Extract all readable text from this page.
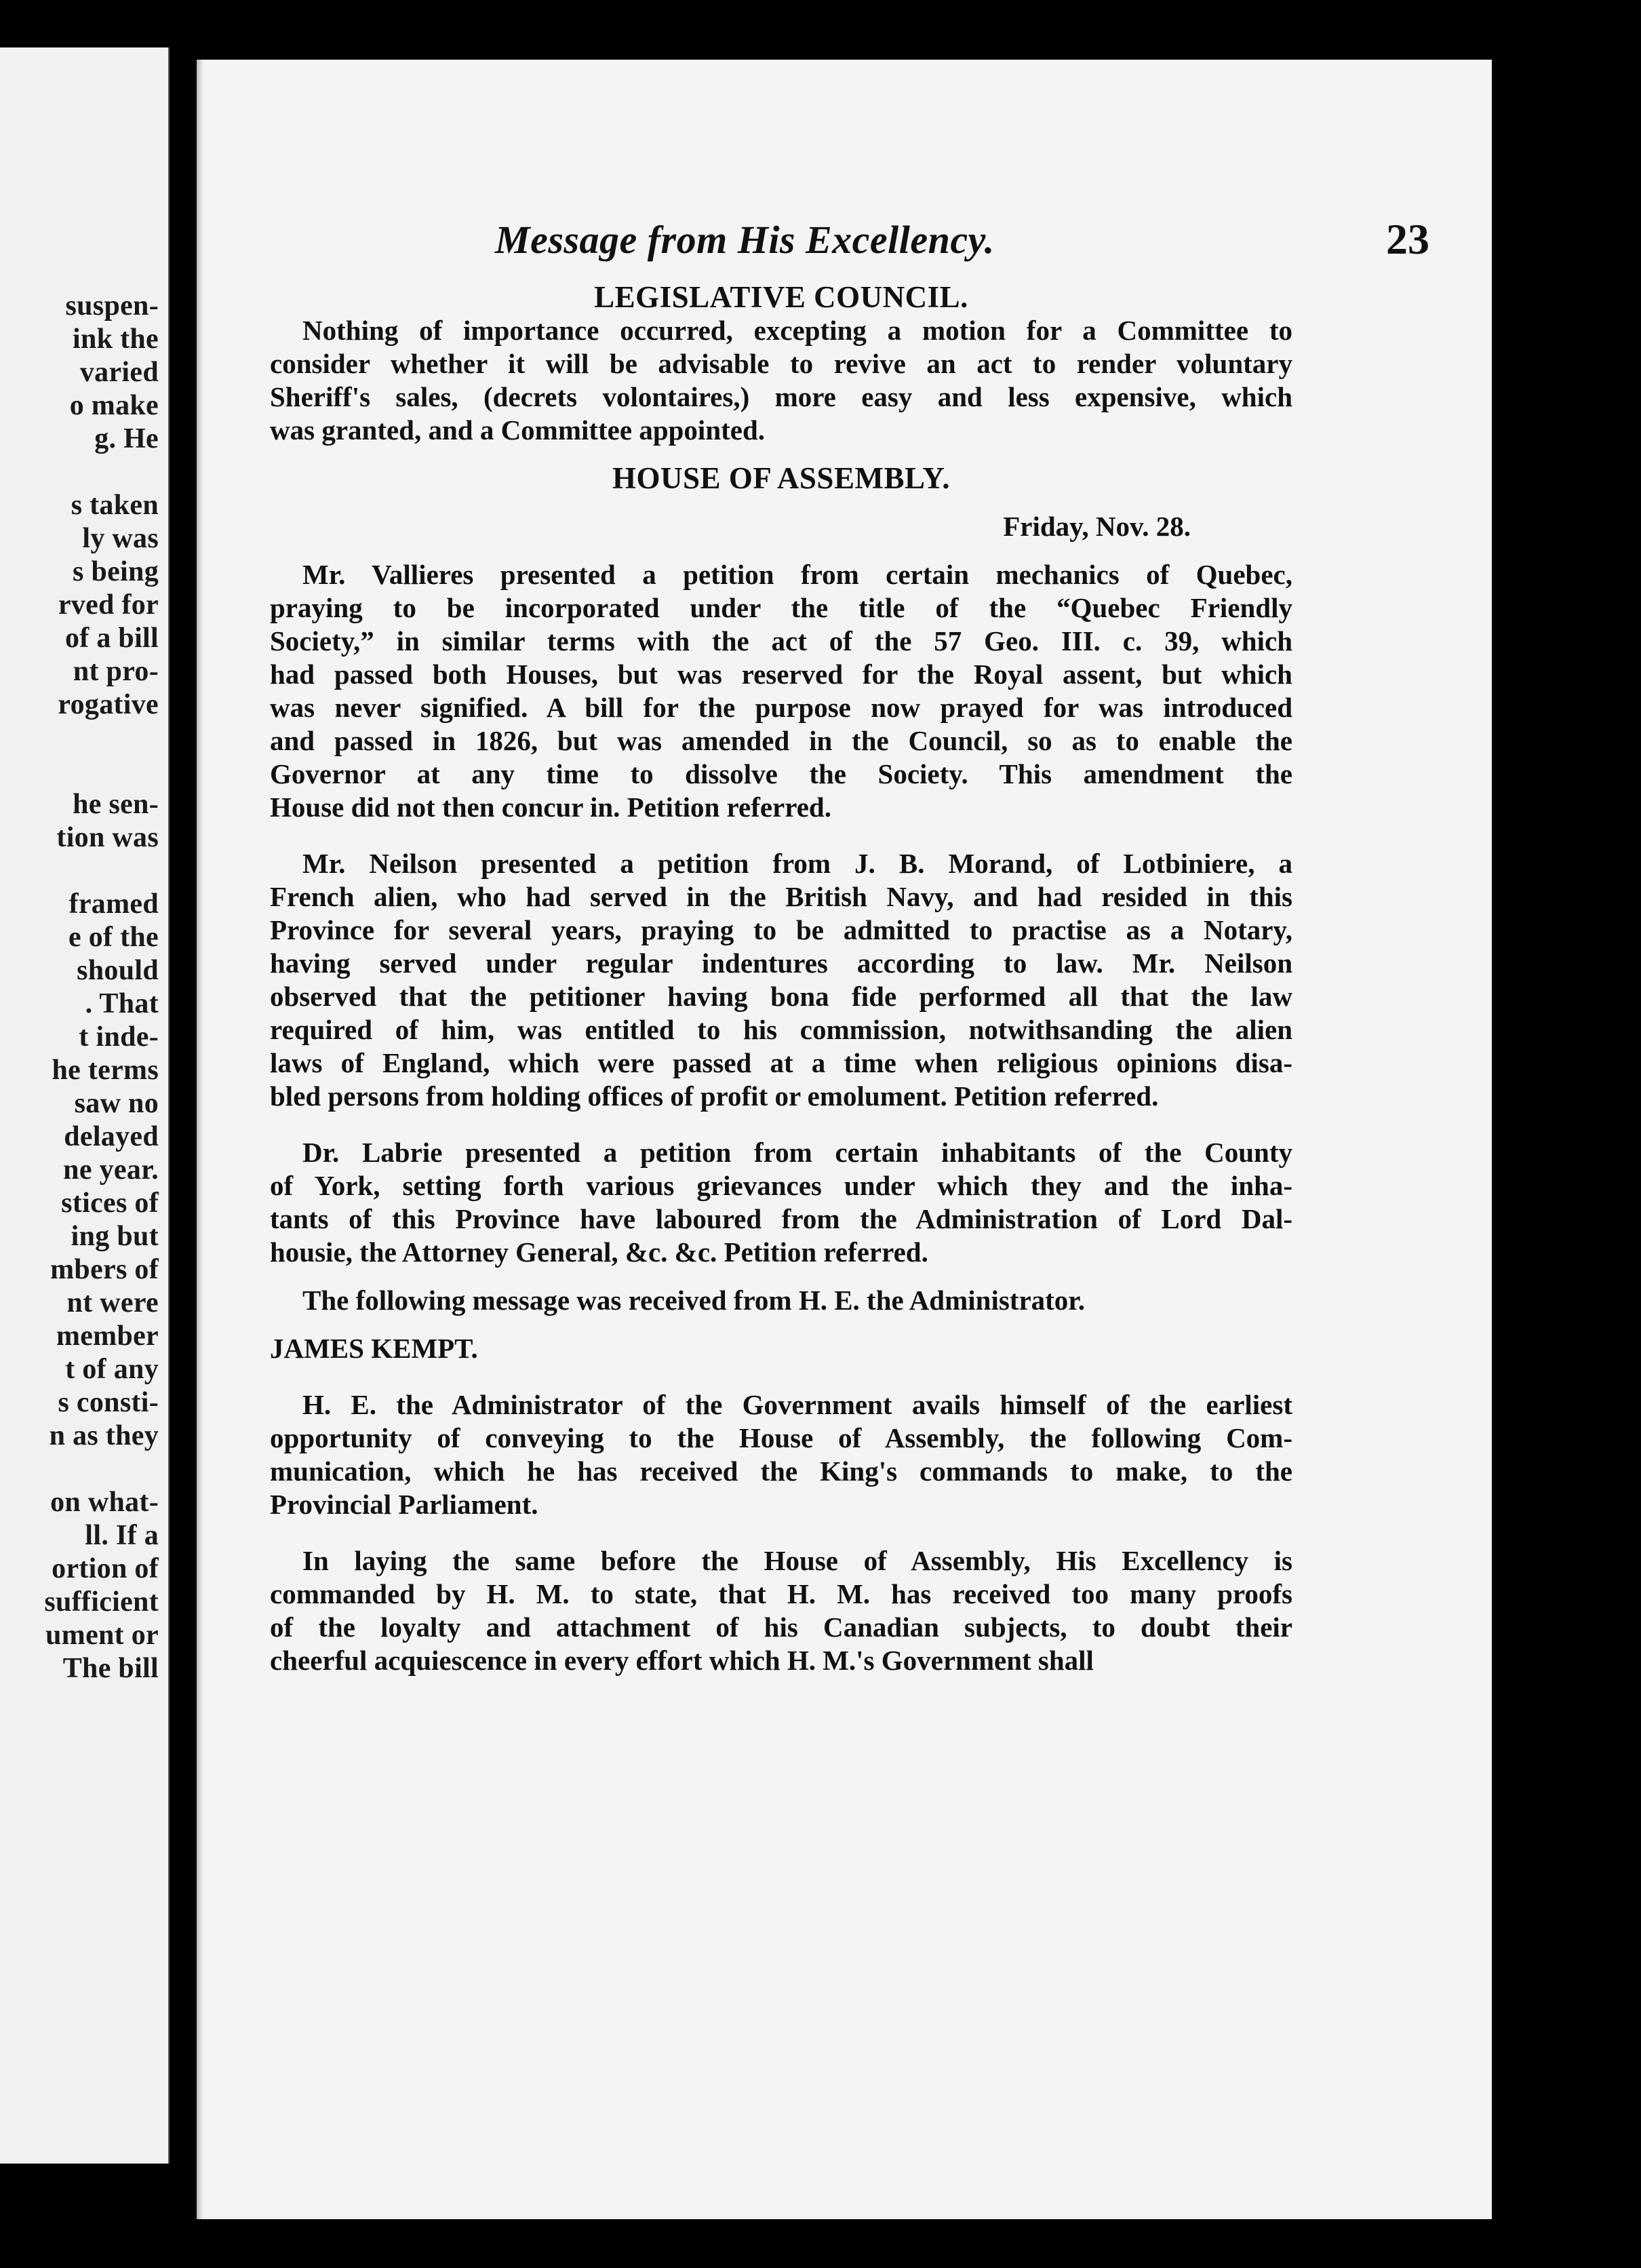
suspen-
ink the
varied
o make
g. He
s taken
ly was
s being
rved for
of a bill
nt pro-
rogative
he sen-
tion was
framed
e of the
should
. That
t inde-
he terms
saw no
delayed
ne year.
stices of
ing but
mbers of
nt were
member
t of any
s consti-
n as they
on what-
ll. If a
ortion of
sufficient
ument or
The bill
Message from His Excellency.	23
LEGISLATIVE COUNCIL.
Nothing of importance occurred, excepting a motion for a Committee to
consider whether it will be advisable to revive an act to render voluntary
Sheriff's sales, (decrets volontaires,) more easy and less expensive, which
was granted, and a Committee appointed.
HOUSE OF ASSEMBLY.
Friday, Nov. 28.
Mr. Vallieres presented a petition from certain mechanics of Quebec,
praying to be incorporated under the title of the “Quebec Friendly
Society,” in similar terms with the act of the 57 Geo. III. c. 39, which
had passed both Houses, but was reserved for the Royal assent, but which
was never signified. A bill for the purpose now prayed for was introduced
and passed in 1826, but was amended in the Council, so as to enable the
Governor at any time to dissolve the Society. This amendment the
House did not then concur in. Petition referred.
Mr. Neilson presented a petition from J. B. Morand, of Lotbiniere, a
French alien, who had served in the British Navy, and had resided in this
Province for several years, praying to be admitted to practise as a Notary,
having served under regular indentures according to law. Mr. Neilson
observed that the petitioner having bona fide performed all that the law
required of him, was entitled to his commission, notwithsanding the alien
laws of England, which were passed at a time when religious opinions disa-
bled persons from holding offices of profit or emolument. Petition referred.
Dr. Labrie presented a petition from certain inhabitants of the County
of York, setting forth various grievances under which they and the inha-
tants of this Province have laboured from the Administration of Lord Dal-
housie, the Attorney General, &c. &c. Petition referred.
The following message was received from H. E. the Administrator.
JAMES KEMPT.
H. E. the Administrator of the Government avails himself of the earliest
opportunity of conveying to the House of Assembly, the following Com-
munication, which he has received the King's commands to make, to the
Provincial Parliament.
In laying the same before the House of Assembly, His Excellency is
commanded by H. M. to state, that H. M. has received too many proofs
of the loyalty and attachment of his Canadian subjects, to doubt their
cheerful acquiescence in every effort which H. M.'s Government shall
